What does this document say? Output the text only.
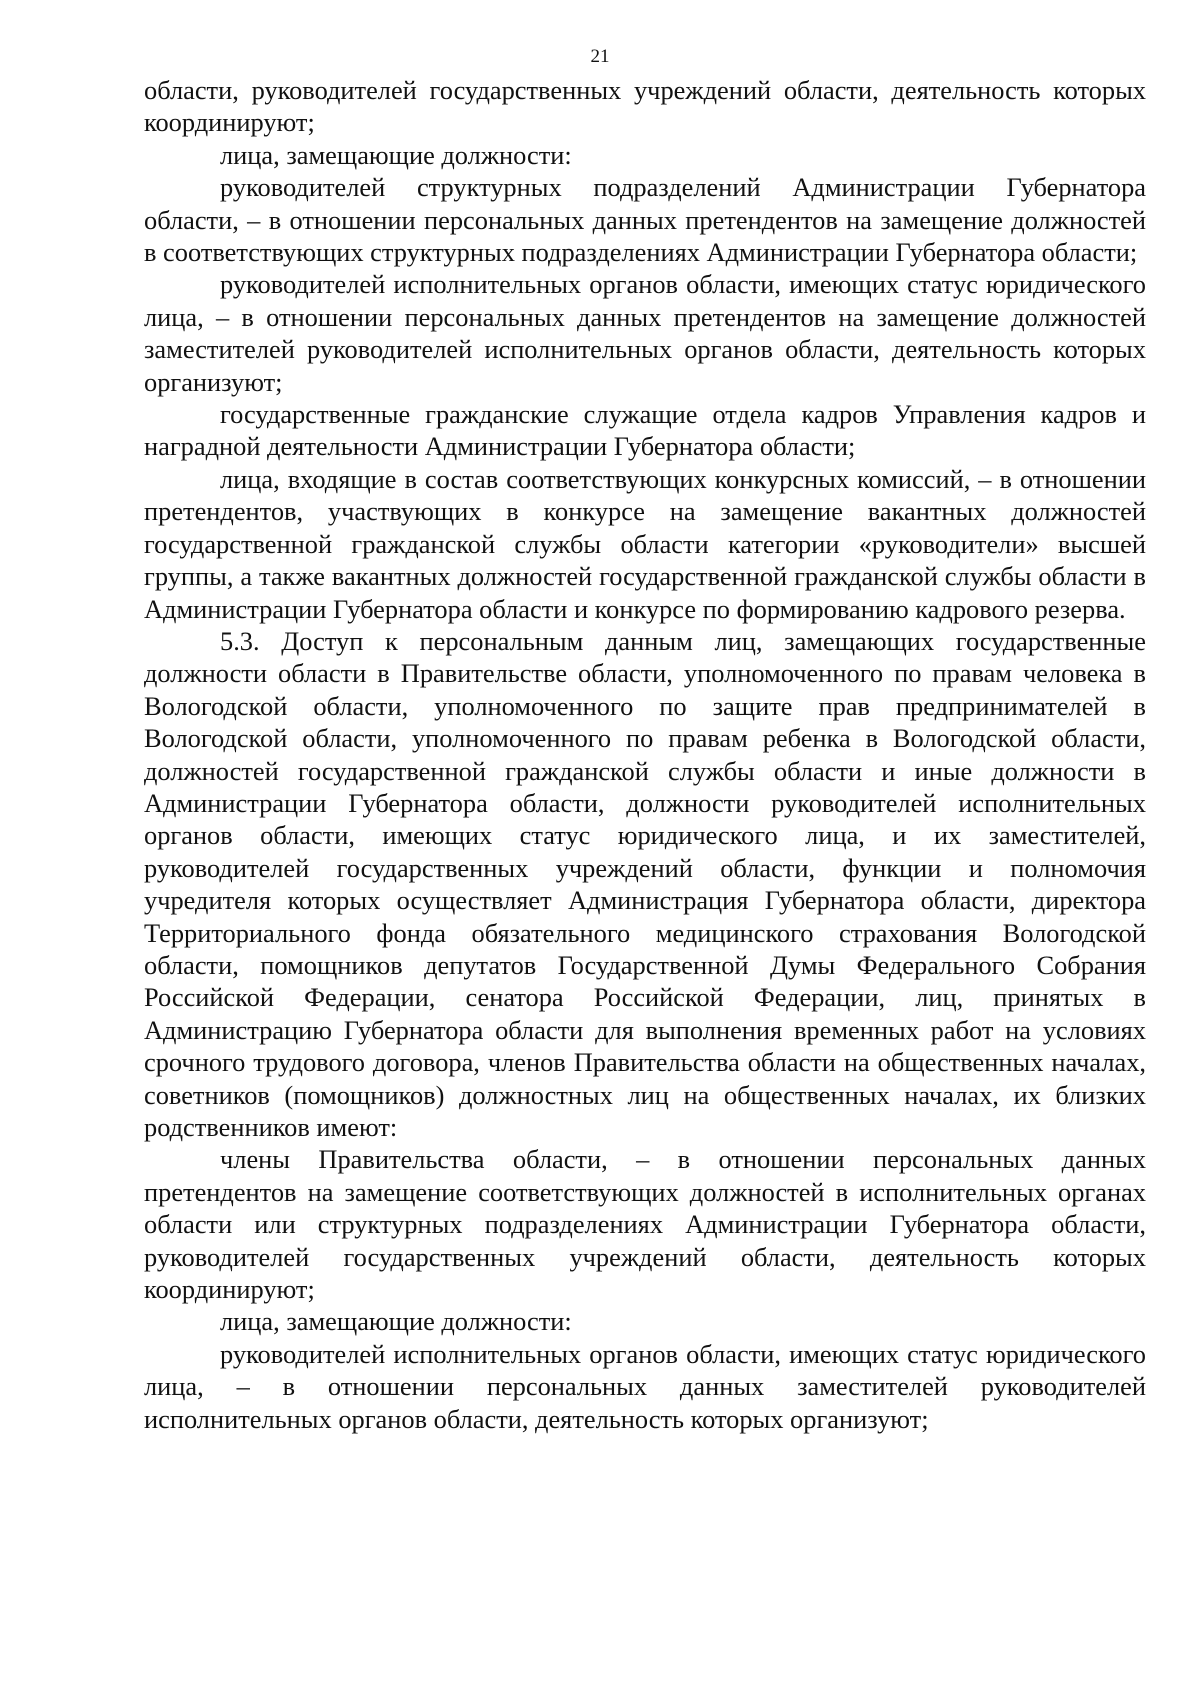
21

области, руководителей государственных учреждений области, деятельность которых координируют;

лица, замещающие должности:

руководителей структурных подразделений Администрации Губернатора области, – в отношении персональных данных претендентов на замещение должностей в соответствующих структурных подразделениях Администрации Губернатора области;

руководителей исполнительных органов области, имеющих статус юридического лица, – в отношении персональных данных претендентов на замещение должностей заместителей руководителей исполнительных органов области, деятельность которых организуют;

государственные гражданские служащие отдела кадров Управления кадров и наградной деятельности Администрации Губернатора области;

лица, входящие в состав соответствующих конкурсных комиссий, – в отношении претендентов, участвующих в конкурсе на замещение вакантных должностей государственной гражданской службы области категории «руководители» высшей группы, а также вакантных должностей государственной гражданской службы области в Администрации Губернатора области и конкурсе по формированию кадрового резерва.

5.3. Доступ к персональным данным лиц, замещающих государственные должности области в Правительстве области, уполномоченного по правам человека в Вологодской области, уполномоченного по защите прав предпринимателей в Вологодской области, уполномоченного по правам ребенка в Вологодской области, должностей государственной гражданской службы области и иные должности в Администрации Губернатора области, должности руководителей исполнительных органов области, имеющих статус юридического лица, и их заместителей, руководителей государственных учреждений области, функции и полномочия учредителя которых осуществляет Администрация Губернатора области, директора Территориального фонда обязательного медицинского страхования Вологодской области, помощников депутатов Государственной Думы Федерального Собрания Российской Федерации, сенатора Российской Федерации, лиц, принятых в Администрацию Губернатора области для выполнения временных работ на условиях срочного трудового договора, членов Правительства области на общественных началах, советников (помощников) должностных лиц на общественных началах, их близких родственников имеют:

члены Правительства области, – в отношении персональных данных претендентов на замещение соответствующих должностей в исполнительных органах области или структурных подразделениях Администрации Губернатора области, руководителей государственных учреждений области, деятельность которых координируют;

лица, замещающие должности:

руководителей исполнительных органов области, имеющих статус юридического лица, – в отношении персональных данных заместителей руководителей исполнительных органов области, деятельность которых организуют;
